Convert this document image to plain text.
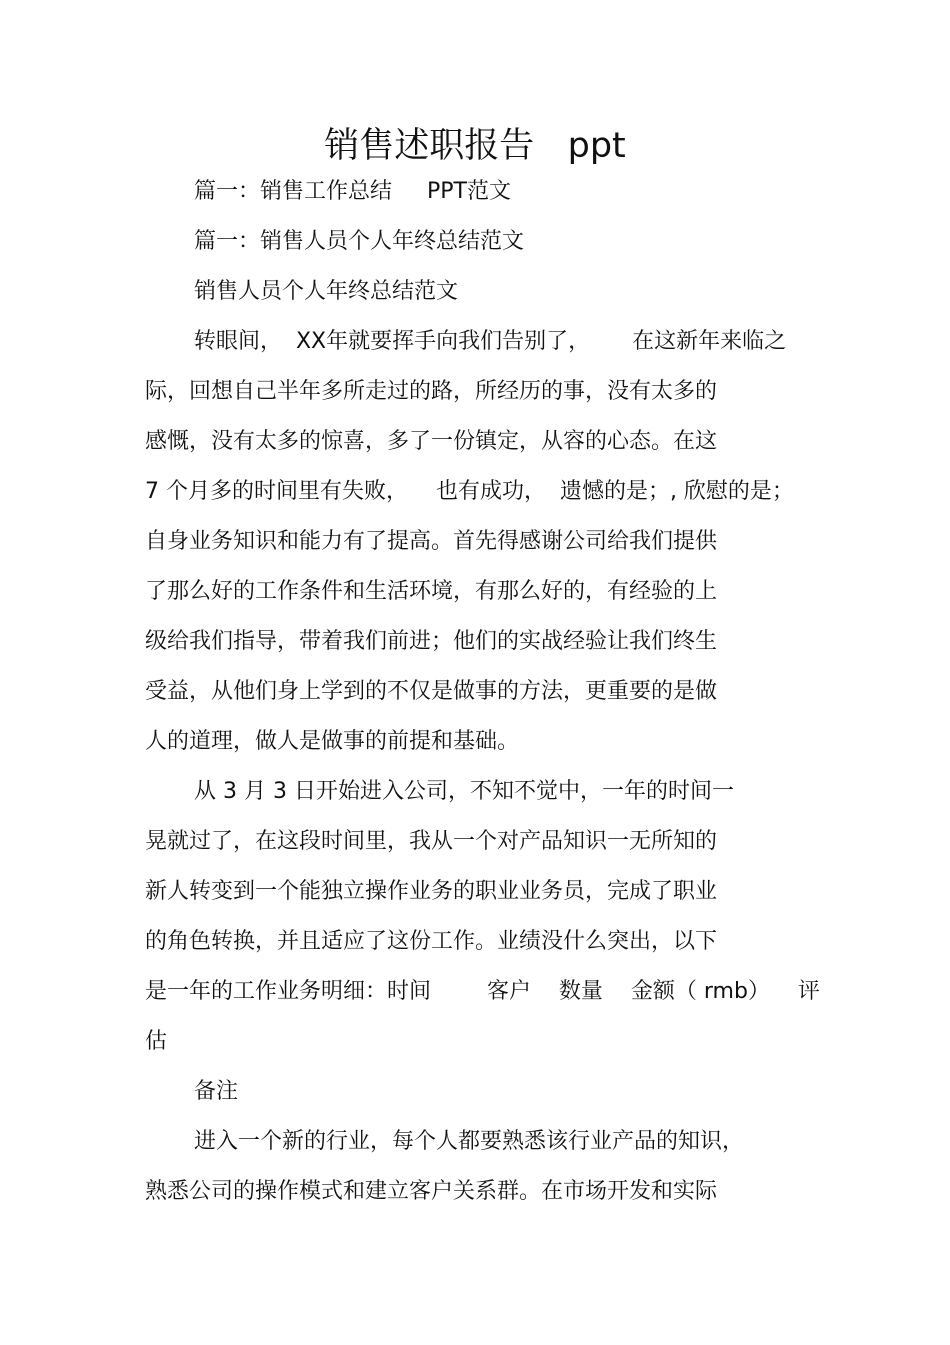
销售述职报告   ppt
篇一：销售工作总结     PPT范文
篇一：销售人员个人年终总结范文
销售人员个人年终总结范文
转眼间，  XX年就要挥手向我们告别了，      在这新年来临之
际，回想自己半年多所走过的路，所经历的事，没有太多的
感慨，没有太多的惊喜，多了一份镇定，从容的心态。在这
7 个月多的时间里有失败，    也有成功，  遗憾的是；, 欣慰的是；
自身业务知识和能力有了提高。首先得感谢公司给我们提供
了那么好的工作条件和生活环境，有那么好的，有经验的上
级给我们指导，带着我们前进；他们的实战经验让我们终生
受益，从他们身上学到的不仅是做事的方法，更重要的是做
人的道理，做人是做事的前提和基础。
从 3 月 3 日开始进入公司，不知不觉中，一年的时间一
晃就过了，在这段时间里，我从一个对产品知识一无所知的
新人转变到一个能独立操作业务的职业业务员，完成了职业
的角色转换，并且适应了这份工作。业绩没什么突出，以下
是一年的工作业务明细：时间        客户    数量    金额（ rmb）    评
估
备注
进入一个新的行业，每个人都要熟悉该行业产品的知识，
熟悉公司的操作模式和建立客户关系群。在市场开发和实际
